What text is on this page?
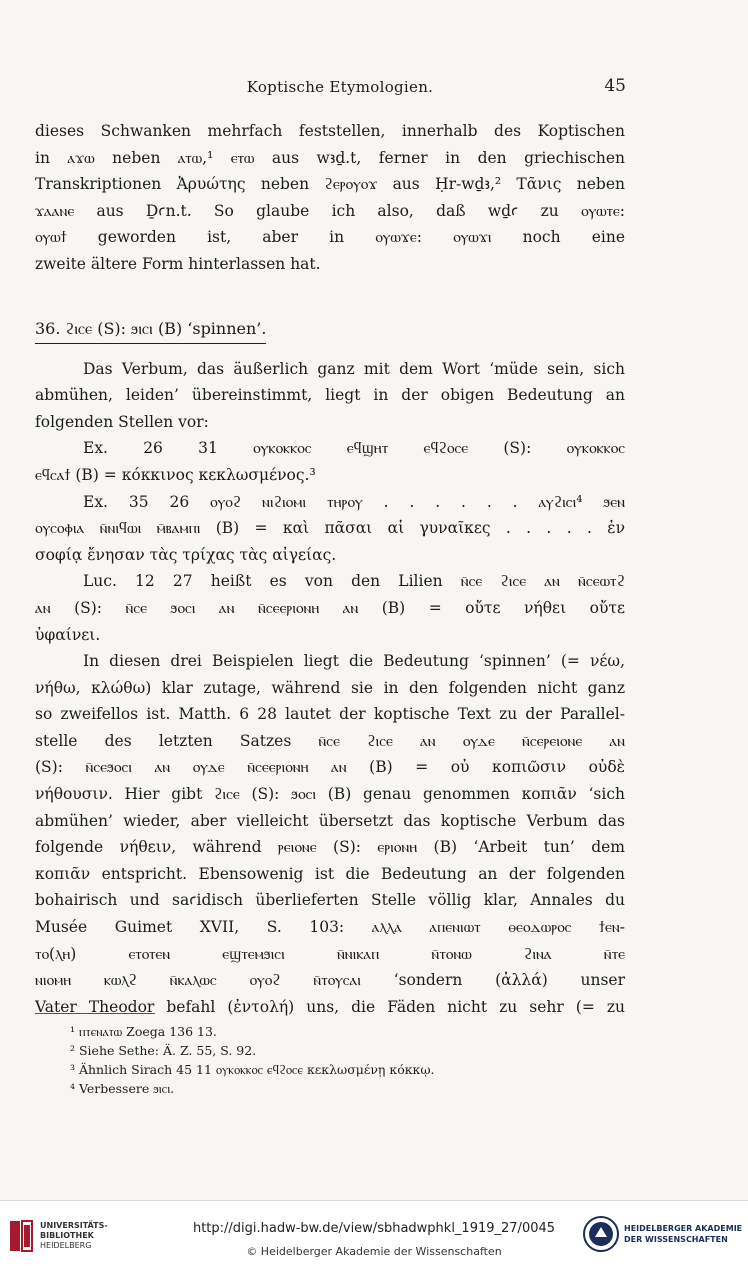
Koptische Etymologien.	45
dieses Schwanken mehrfach feststellen, innerhalb des Koptischen
in ⲁϫⲱ neben ⲁⲧⲱ,¹ ⲉⲧⲱ aus wꜣḏ.t, ferner in den griechischen
Transkriptionen Ἀρυώτης neben ϩⲉⲣⲟⲩⲟϫ aus Ḥr-wḏꜣ,² Τᾶνις neben
ϫⲁⲁⲛⲉ aus Ḏꜥn.t. So glaube ich also, daß wḏꜥ zu ⲟⲩⲱⲧⲉ:
ⲟⲩⲱϯ geworden ist, aber in ⲟⲩⲱϫⲉ: ⲟⲩⲱϫⲓ noch eine
zweite ältere Form hinterlassen hat.
36. ϩⲓⲥⲉ (S): ϧⲓⲥⲓ (B) ‘spinnen’.
Das Verbum, das äußerlich ganz mit dem Wort ‘müde sein, sich
abmühen, leiden’ übereinstimmt, liegt in der obigen Bedeutung an
folgenden Stellen vor:
Ex. 26 31 ⲟⲩⲕⲟⲕⲕⲟⲥ ⲉϥϣⲏⲧ ⲉϥϩⲟⲥⲉ (S): ⲟⲩⲕⲟⲕⲕⲟⲥ
ⲉϥⲥⲁϯ (B) = κόκκινος κεκλωσμένος.³
Ex. 35 26 ⲟⲩⲟϩ ⲛⲓϩⲓⲟⲙⲓ ⲧⲏⲣⲟⲩ . . . . . . ⲁⲩϩⲓⲥⲓ⁴ ϧⲉⲛ
ⲟⲩⲥⲟⲫⲓⲁ ⲛ̄ⲛⲓϥⲱⲓ ⲙ̄ⲃⲁⲙⲡⲓ (B) = καὶ πᾶσαι αἱ γυναῖκες . . . . . ἐν
σοφίᾳ ἔνησαν τὰς τρίχας τὰς αἰγείας.
Luc. 12 27 heißt es von den Lilien ⲛ̄ⲥⲉ ϩⲓⲥⲉ ⲁⲛ ⲛ̄ⲥⲉⲱⲧϩ
ⲁⲛ (S): ⲛ̄ⲥⲉ ϧⲟⲥⲓ ⲁⲛ ⲛ̄ⲥⲉⲉⲣⲓⲟⲛⲏ ⲁⲛ (B) = οὔτε νήθει οὔτε
ὑφαίνει.
In diesen drei Beispielen liegt die Bedeutung ‘spinnen’ (= νέω,
νήθω, κλώθω) klar zutage, während sie in den folgenden nicht ganz
so zweifellos ist. Matth. 6 28 lautet der koptische Text zu der Parallel-
stelle des letzten Satzes ⲛ̄ⲥⲉ ϩⲓⲥⲉ ⲁⲛ ⲟⲩⲇⲉ ⲛ̄ⲥⲉⲣⲉⲓⲟⲛⲉ ⲁⲛ
(S): ⲛ̄ⲥⲉϧⲟⲥⲓ ⲁⲛ ⲟⲩⲇⲉ ⲛ̄ⲥⲉⲉⲣⲓⲟⲛⲏ ⲁⲛ (B) = οὐ κοπιῶσιν οὐδὲ
νήθουσιν. Hier gibt ϩⲓⲥⲉ (S): ϧⲟⲥⲓ (B) genau genommen κοπιᾶν ‘sich
abmühen’ wieder, aber vielleicht übersetzt das koptische Verbum das
folgende νήθειν, während ⲣⲉⲓⲟⲛⲉ (S): ⲉⲣⲓⲟⲛⲏ (B) ‘Arbeit tun’ dem
κοπιᾶν entspricht. Ebensowenig ist die Bedeutung an der folgenden
bohairisch und saꜥidisch überlieferten Stelle völlig klar, Annales du
Musée Guimet XVII, S. 103: ⲁⲗⲗⲁ ⲁⲡⲉⲛⲓⲱⲧ ⲑⲉⲟⲇⲱⲣⲟⲥ ϯⲉⲛ-
ⲧⲟ(ⲗⲏ) ⲉⲧⲟⲧⲉⲛ ⲉϣⲧⲉⲙϧⲓⲥⲓ ⲛ̄ⲛⲓⲕⲁⲡ ⲛ̄ⲧⲟⲛⲱ ϩⲓⲛⲁ ⲛ̄ⲧⲉ
ⲛⲓⲟⲙⲏ ⲕⲱⲗϩ ⲛ̄ⲕⲁⲗⲱⲥ ⲟⲩⲟϩ ⲛ̄ⲧⲟⲩⲥⲁⲓ ‘sondern (ἀλλά) unser
Vater Theodor befahl (ἐντολή) uns, die Fäden nicht zu sehr (= zu
¹ ⲡⲧⲉⲛⲁⲧⲱ Zoega 136 13.
² Siehe Sethe: Ä. Z. 55, S. 92.
³ Ähnlich Sirach 45 11 ⲟⲩⲕⲟⲕⲕⲟⲥ ⲉϥϩⲟⲥⲉ κεκλωσμένῃ κόκκῳ.
⁴ Verbessere ϧⲓⲥⲓ.
UNIVERSITÄTS-
BIBLIOTHEK
HEIDELBERG
http://digi.hadw-bw.de/view/sbhadwphkl_1919_27/0045
© Heidelberger Akademie der Wissenschaften
HEIDELBERGER AKADEMIE
DER WISSENSCHAFTEN
